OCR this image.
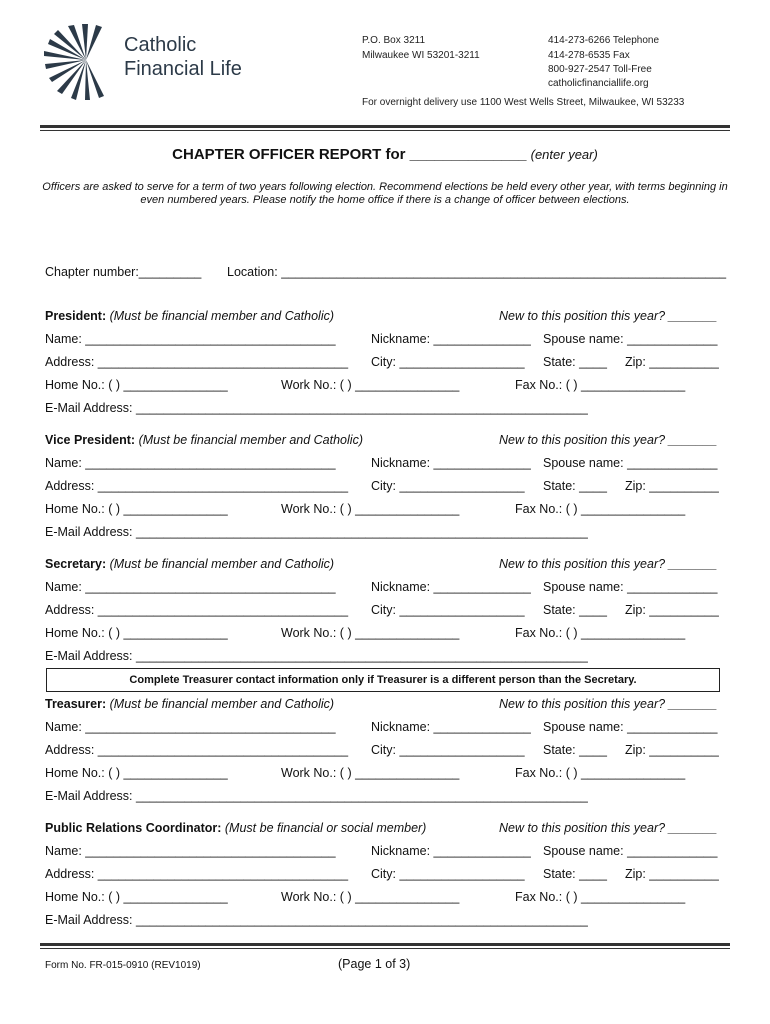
Catholic
Financial Life
P.O. Box 3211
Milwaukee WI 53201-3211
414-273-6266 Telephone
414-278-6535 Fax
800-927-2547 Toll-Free
catholicfinanciallife.org
For overnight delivery use 1100 West Wells Street, Milwaukee, WI 53233
CHAPTER OFFICER REPORT for ______________ (enter year)
Officers are asked to serve for a term of two years following election. Recommend elections be held every other year, with terms beginning in even numbered years. Please notify the home office if there is a change of officer between elections.
Chapter number:_________ Location: ________________________________________________________________
President: (Must be financial member and Catholic)	New to this position this year? _______
Name: ____________________________________	Nickname: ______________ Spouse name: _____________
Address: ____________________________________ City: __________________ State: ____ Zip: __________
Home No.: ( ) _______________	Work No.: ( ) _______________	Fax No.: ( ) _______________
E-Mail Address: _________________________________________________________________
Vice President: (Must be financial member and Catholic)	New to this position this year? _______
Name: ____________________________________	Nickname: ______________ Spouse name: _____________
Address: ____________________________________ City: __________________ State: ____ Zip: __________
Home No.: ( ) _______________	Work No.: ( ) _______________	Fax No.: ( ) _______________
E-Mail Address: _________________________________________________________________
Secretary: (Must be financial member and Catholic)	New to this position this year? _______
Name: ____________________________________	Nickname: ______________ Spouse name: _____________
Address: ____________________________________ City: __________________ State: ____ Zip: __________
Home No.: ( ) _______________	Work No.: ( ) _______________	Fax No.: ( ) _______________
E-Mail Address: _________________________________________________________________
Treasurer: (Must be financial member and Catholic)	New to this position this year? _______
Name: ____________________________________	Nickname: ______________ Spouse name: _____________
Address: ____________________________________ City: __________________ State: ____ Zip: __________
Home No.: ( ) _______________	Work No.: ( ) _______________	Fax No.: ( ) _______________
E-Mail Address: _________________________________________________________________
Public Relations Coordinator: (Must be financial or social member)	New to this position this year? _______
Name: ____________________________________	Nickname: ______________ Spouse name: _____________
Address: ____________________________________ City: __________________ State: ____ Zip: __________
Home No.: ( ) _______________	Work No.: ( ) _______________	Fax No.: ( ) _______________
E-Mail Address: _________________________________________________________________
Complete Treasurer contact information only if Treasurer is a different person than the Secretary.
Form No. FR-015-0910 (REV1019)	(Page 1 of 3)
